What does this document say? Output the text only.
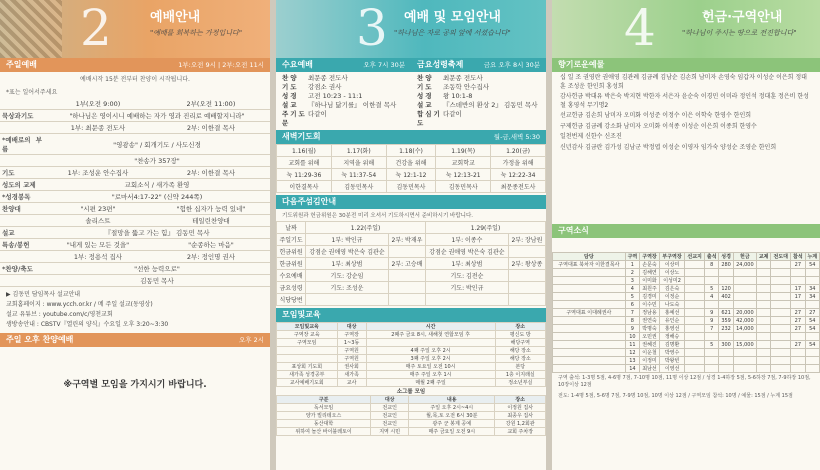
2	예배안내
"예배를 회복하는 가정입니다"
주일예배	1부:오전 9시 | 2부:오전 11시
예배시작 15분 전부터 찬양이 시작됩니다.
*표는 일어서주세요
	1부(오전 9:00)	2부(오전 11:00)
묵상과기도	"하나님은 영이시니 예배하는 자가 영과 진리로 예배할지니라"	
	1부: 최문종 전도사	2부: 이한결 목사
*예배로의 부름	"영광송" / 회개기도 / 사도신경	
	"찬송가 357장"	
기도	1부: 조성운 안수집사	2부: 이한결 목사
성도의 교제	교회소식 / 새가족 환영	
*성경봉독	"로마서4:17-22" (신약 244쪽)	
찬양대	"시편 23편"	"험한 십자가 능력 있네"
	솔리스트	테일린찬양대
설교	『절망을 뚫고 가는 힘』 김동민 목사	
특송/봉헌	"내게 있는 모든 것을"	"순종하는 마음"
	1부: 정용석 집사	2부: 정인명 권사
*찬양/축도	"선한 능력으로"	
	김동민 목사	
▶ 김동민 담임목사 설교안내
교회홈페이지 : www.ycch.or.kr / 메 주일 설교(동영상)
설교 유튜브 : youtube.com/c/영천교회
생방송안내 : CBSTV『열린의 양식』수요일 오후 3:20~3:30
주일 오후 찬양예배	오후 2시
※구역별 모임을 가지시기 바랍니다.
3 예배 및 모임안내
"하나님은 자로 공의 앞에 서셨습니다"
수요예배	오후 7시 30분
찬양	최문종 전도사
기도	강점소 권사
성경	고전 10:23 - 11:1
설교	『하나님 닮기를』 이한결 목사
주기도문
다같이
금요성령축제	금요 오후 8시 30분
찬양	최문종 전도사
기도	조동학 안수집사
성경	왕 10:1-8
설교	『스데반의 환상 2』 김동민 목사
합심기도
다같이
새벽기도회	월-금,새벽 5:30
1.16(월)	1.17(화)	1.18(수)	1.19(목)	1.20(금)
교회를 위해	지역을 위해	건강을 위해	교회학교	가정을 위해
눅 11:29-36	눅 11:37-54	눅 12:1-12	눅 12:13-21	눅 12:22-34
이한결목사	김동민목사	김동민목사	김동민목사	최문종전도사
다음주섬김안내
기도위원과 헌금위원은 30분전 미리 오셔서 기도하시면서 준비하시기 바랍니다.
날짜	1.22(주일)		1.29(주일)	
주일기도	1부: 박인규	2부: 박재우	1부: 이종수	2부: 장남원
헌금위원	강점순 권애영 박은숙 김관순		강점순 권애영 박은숙 김관순	
한금위원	1부: 최상범	2부: 고승배	1부: 최상범	2부: 왕상종
수요예배	기도: 강순임		기도: 김전순	
금요성령	기도: 조성운		기도: 박인규	
식당당번				
모임및교육
모임및교육	대상	시간	장소
구역장 교육	구역장	2째주 금요 8시, 새해첫 연합모임 후	평신도 방
구역모임	1~3동		해당구역
	구역원	4째 주일 오후 2시	해당 장소
	구역원	3째 주일 오후 2시	해당 장소
표상회 기도회	권사회	매주 토요일 오전 10시	본당
새가족 성경공부	새가족	매주 주일 오후 1시	1층 이지래실
교사예배기도회	교사	매월 2째 주일	정소년부실
소그룹 모임
구분	대상	내용	장소
독서모임	전교인	주일 오후 2시~4시	이정원 집사
양가 빌리테오스	전교인	월,목,토 오전 6시 30분	최종우 집사
동산대학	전교인	광주 군 봉제 공예	강원 1,2회관
위하여 놀산 바이블레토이	지역 시민	매주 금요일 오전 9시	교회 주차장
4	헌금·구역안내
"하나님이 주시는 땅으로 전진합니다"
향기로운예물
십 일 조 권영란 권애영 김관례 김금례 김남순 김손희 남미자 손영숙 임갑자 이성순 이은희 정대훈 조성운 한인희 홍성희
감사헌금 박대유 박은숙 박지현 박한자 서은자 윤순숙 이경민 이미라 정인석 정대훈 정은비 한성철 홍영석 무기명2
선교헌금 김손희 남미자 오미화 이성준 이정수 이은 이학숙 한영수 한인희
구제헌금 김금례 강소화 남미자 오미화 이석종 이성순 이은희 이종희 한영수
일천번제 신한수 신조진
신년감사 김금란 김가성 김남군 박정엽 이성순 이영자 임가숙 양성순 조영순 한인희
구역소식
담당	구역	구역장	부구역장	선교지	출석	성경	헌금	교제	전도대	참석	누계
구역대표 북차자 이한결목사	1	손문숙	이상미		8	280	24,000			27	54
	2	김해연	이상노								
	3	이미화	이성미2								
	4	최원주	김은숙		5	120				17	34
	5	김경미	이정순		4	402				17	34
	6	이수민	나도숙								
구역대표 이대례권사	7	정남용	홍예선		9	621	20,000			27	27
	8	권연숙	유인순		9	359	42,000			27	54
	9	박명숙	홍영선		7	232	14,000			27	54
	10	오민권	정해승								
	11	권혜진	김명환		5	300	15,000			27	54
	12	이운철	박영수								
	13	이정미	박왕빈								
	14	최남선	이영선								
구역 출석: 1-3명 5점, 4-6명 7점, 7-10명 10점, 11명 이상 12점 / 성경 1-4하장 5점, 5-6하장 7점, 7-9하장 10점, 10장이상 12점
전도: 1-4명 5점, 5-6명 7점, 7-9명 10점, 10명 이상 12점 / 구역모임 참석: 10명 / 예물: 15점 / 누계 15점
